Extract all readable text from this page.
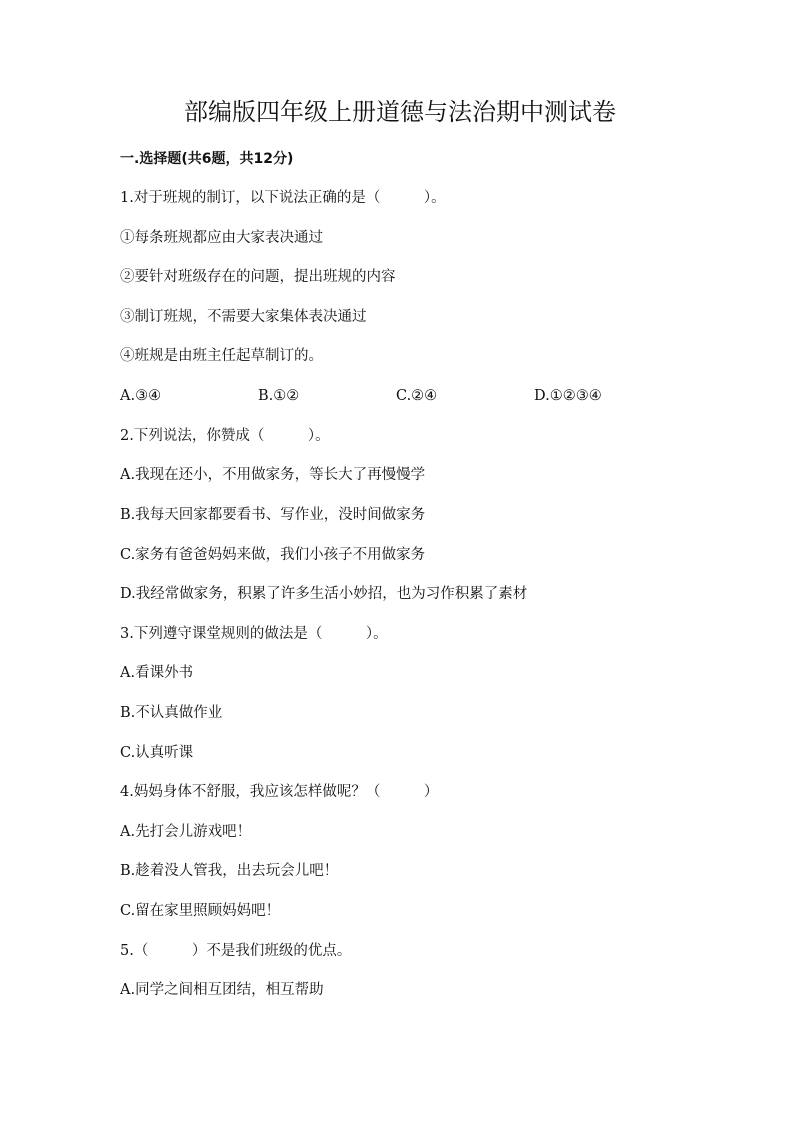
部编版四年级上册道德与法治期中测试卷
一.选择题(共6题，共12分)
1.对于班规的制订，以下说法正确的是（　　　）。
①每条班规都应由大家表决通过
②要针对班级存在的问题，提出班规的内容
③制订班规，不需要大家集体表决通过
④班规是由班主任起草制订的。
A.③④	B.①②	C.②④	D.①②③④
2.下列说法，你赞成（　　　）。
A.我现在还小，不用做家务，等长大了再慢慢学
B.我每天回家都要看书、写作业，没时间做家务
C.家务有爸爸妈妈来做，我们小孩子不用做家务
D.我经常做家务，积累了许多生活小妙招，也为习作积累了素材
3.下列遵守课堂规则的做法是（　　　）。
A.看课外书
B.不认真做作业
C.认真听课
4.妈妈身体不舒服，我应该怎样做呢？（　　　）
A.先打会儿游戏吧！
B.趁着没人管我，出去玩会儿吧！
C.留在家里照顾妈妈吧！
5.（　　　）不是我们班级的优点。
A.同学之间相互团结，相互帮助
